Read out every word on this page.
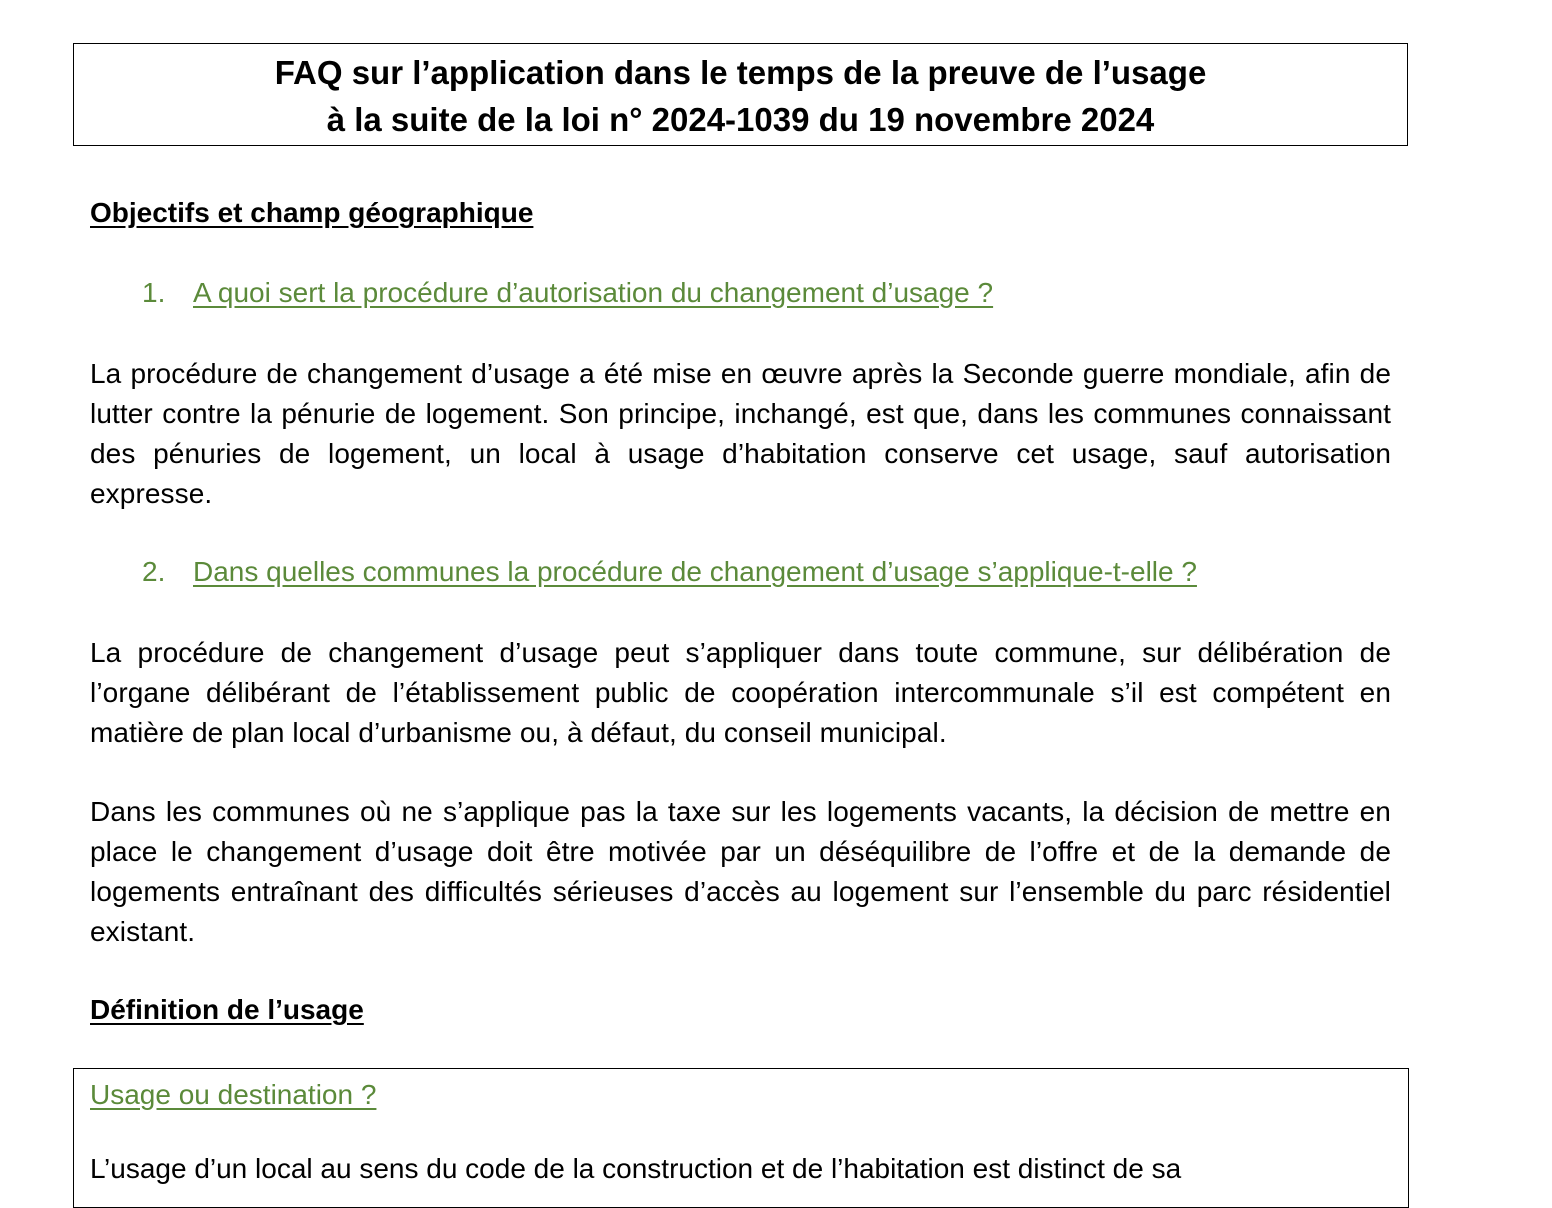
FAQ sur l’application dans le temps de la preuve de l’usage
à la suite de la loi n° 2024-1039 du 19 novembre 2024
Objectifs et champ géographique
1. A quoi sert la procédure d’autorisation du changement d’usage ?
La procédure de changement d’usage a été mise en œuvre après la Seconde guerre mondiale, afin de lutter contre la pénurie de logement. Son principe, inchangé, est que, dans les communes connaissant des pénuries de logement, un local à usage d’habitation conserve cet usage, sauf autorisation expresse.
2. Dans quelles communes la procédure de changement d’usage s’applique-t-elle ?
La procédure de changement d’usage peut s’appliquer dans toute commune, sur délibération de l’organe délibérant de l’établissement public de coopération intercommunale s’il est compétent en matière de plan local d’urbanisme ou, à défaut, du conseil municipal.
Dans les communes où ne s’applique pas la taxe sur les logements vacants, la décision de mettre en place le changement d’usage doit être motivée par un déséquilibre de l’offre et de la demande de logements entraînant des difficultés sérieuses d’accès au logement sur l’ensemble du parc résidentiel existant.
Définition de l’usage
Usage ou destination ?
L’usage d’un local au sens du code de la construction et de l’habitation est distinct de sa
